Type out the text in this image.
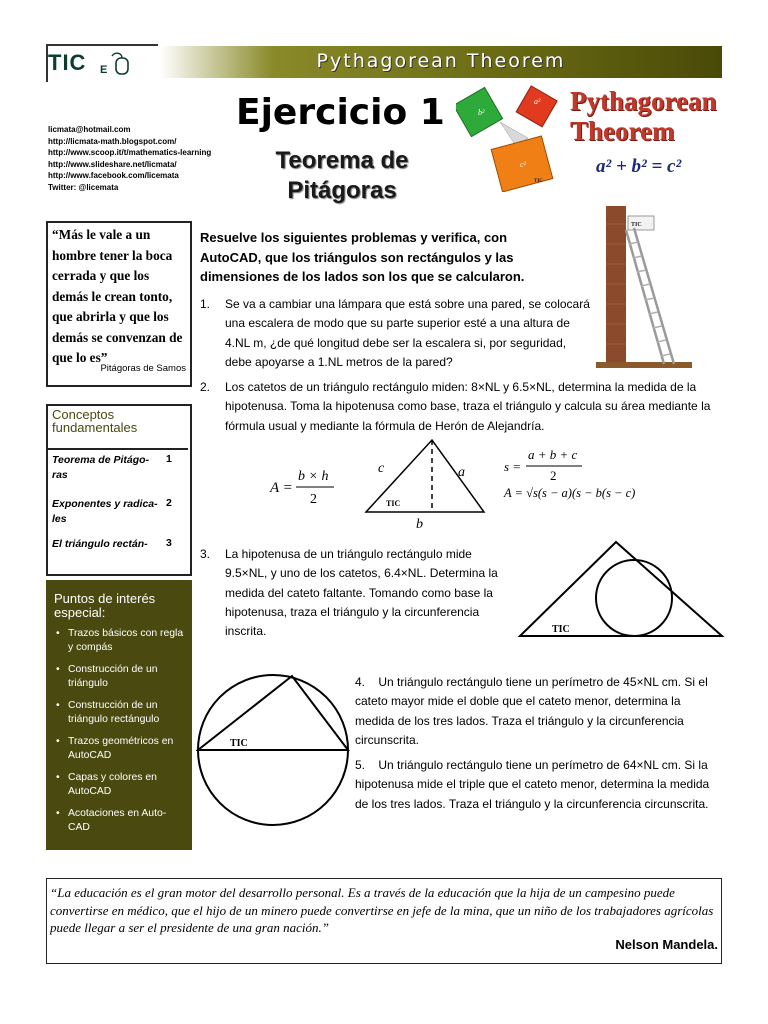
TIC E	Pythagorean Theorem
licmata@hotmail.com
http://licmata-math.blogspot.com/
http://www.scoop.it/t/mathematics-learning
http://www.slideshare.net/licmata/
http://www.facebook.com/licemata
Twitter: @licemata
Ejercicio 1
Teorema de Pitágoras
b²
a²
c²
a
b	c
TIC
Pythagorean Theorem
a² + b² = c²
“Más le vale a un hombre tener la boca cerrada y que los demás le crean tonto, que abrirla y que los demás se convenzan de que lo es”
Pitágoras de Samos
Conceptos fundamentales
Teorema de Pitágo-ras
1
Exponentes y radica-les
2
El triángulo rectán-	3
Puntos de interés especial:
• Trazos básicos con regla y compás
• Construcción de un triángulo
• Construcción de un triángulo rectángulo
• Trazos geométricos en AutoCAD
• Capas y colores en AutoCAD
• Acotaciones en Auto-CAD
Resuelve los siguientes problemas y verifica, con AutoCAD, que los triángulos son rectángulos y las dimensiones de los lados son los que se calcularon.
TIC
1. Se va a cambiar una lámpara que está sobre una pared, se colocará una escalera de modo que su parte superior esté a una altura de 4.NL m, ¿de qué longitud debe ser la escalera si, por seguridad, debe apoyarse a 1.NL metros de la pared?
2. Los catetos de un triángulo rectángulo miden: 8×NL y 6.5×NL, determina la medida de la hipotenusa. Toma la hipotenusa como base, traza el triángulo y calcula su área mediante la fórmula usual y mediante la fórmula de Herón de Alejandría.
A =
b × h
2
c	a
b
TIC
s =
a + b + c
2
A = √s(s − a)(s − b(s − c)
3. La hipotenusa de un triángulo rectángulo mide 9.5×NL, y uno de los catetos, 6.4×NL. Determina la medida del cateto faltante. Tomando como base la hipotenusa, traza el triángulo y la circunferencia inscrita.	TIC
TIC
4. Un triángulo rectángulo tiene un perímetro de 45×NL cm. Si el cateto mayor mide el doble que el cateto menor, determina la medida de los tres lados. Traza el triángulo y la circunferencia circunscrita.
5. Un triángulo rectángulo tiene un perímetro de 64×NL cm. Si la hipotenusa mide el triple que el cateto menor, determina la medida de los tres lados. Traza el triángulo y la circunferencia circunscrita.
“La educación es el gran motor del desarrollo personal. Es a través de la educación que la hija de un campesino puede convertirse en médico, que el hijo de un minero puede convertirse en jefe de la mina, que un niño de los trabajadores agrícolas puede llegar a ser el presidente de una gran nación.”
Nelson Mandela.
